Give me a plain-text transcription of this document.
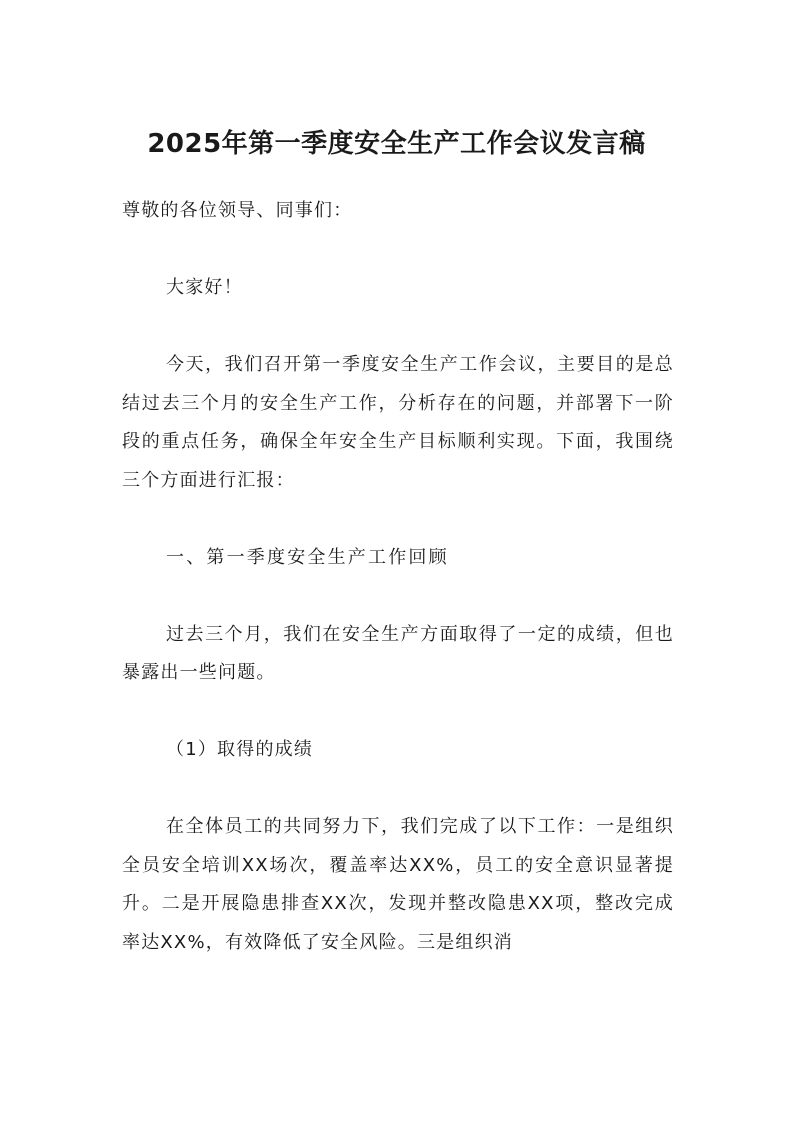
2025年第一季度安全生产工作会议发言稿

尊敬的各位领导、同事们：

大家好！

今天，我们召开第一季度安全生产工作会议，主要目的是总结过去三个月的安全生产工作，分析存在的问题，并部署下一阶段的重点任务，确保全年安全生产目标顺利实现。下面，我围绕三个方面进行汇报：

一、第一季度安全生产工作回顾

过去三个月，我们在安全生产方面取得了一定的成绩，但也暴露出一些问题。

（1）取得的成绩

在全体员工的共同努力下，我们完成了以下工作：一是组织全员安全培训XX场次，覆盖率达XX%，员工的安全意识显著提升。二是开展隐患排查XX次，发现并整改隐患XX项，整改完成率达XX%，有效降低了安全风险。三是组织消
